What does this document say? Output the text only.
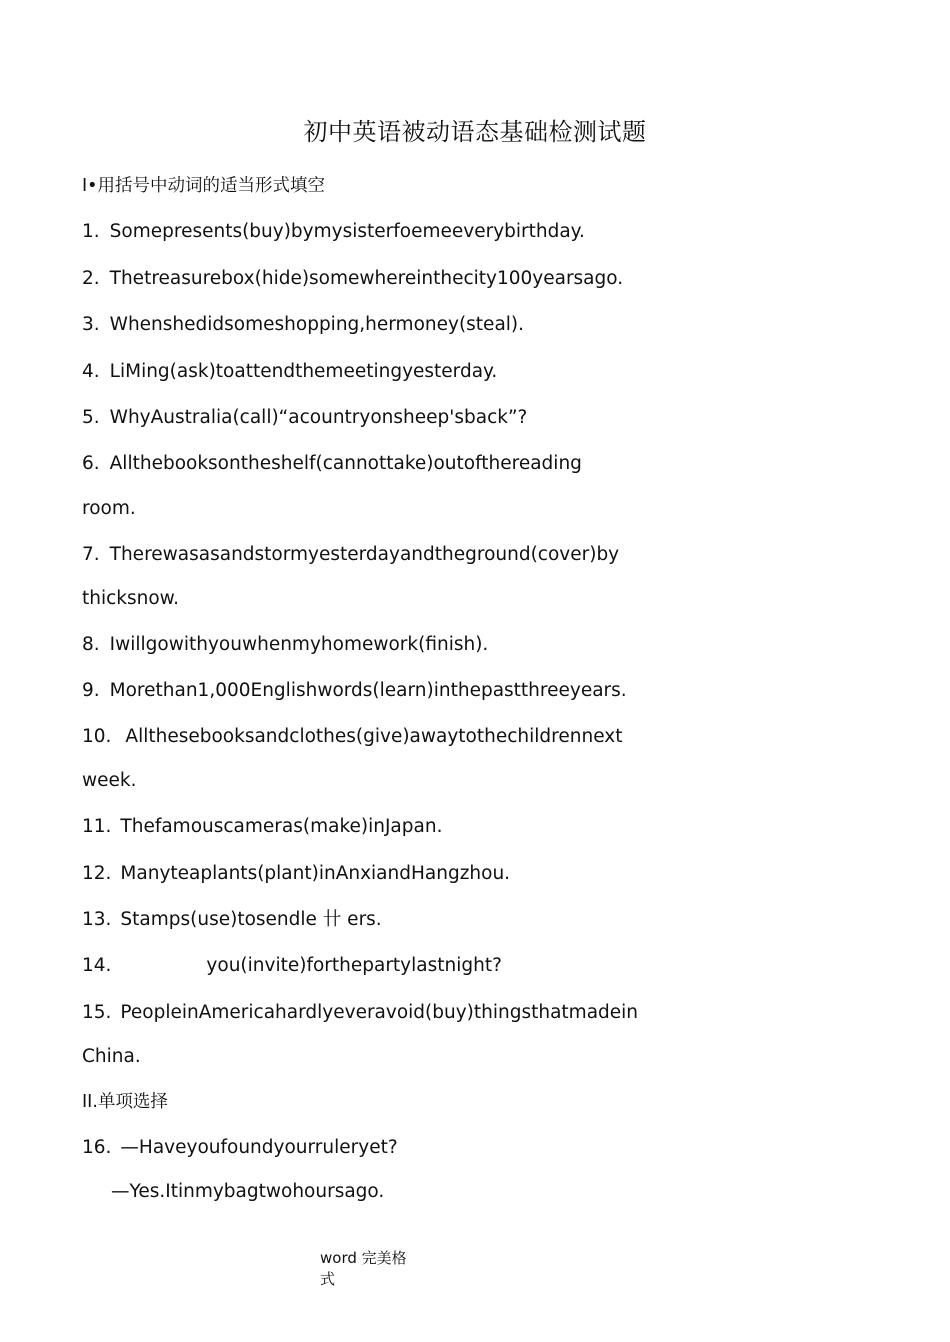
初中英语被动语态基础检测试题
I•用括号中动词的适当形式填空
1. Somepresents(buy)bymysisterfoemeeverybirthday.
2. Thetreasurebox(hide)somewhereinthecity100yearsago.
3. Whenshedidsomeshopping,hermoney(steal).
4. LiMing(ask)toattendthemeetingyesterday.
5. WhyAustralia(call)“acountryonsheep'sback”?
6. Allthebooksontheshelf(cannottake)outofthereading
room.
7. Therewasasandstormyesterdayandtheground(cover)by
thicksnow.
8. Iwillgowithyouwhenmyhomework(finish).
9. Morethan1,000Englishwords(learn)inthepastthreeyears.
10. Allthesebooksandclothes(give)awaytothechildrennext
week.
11. Thefamouscameras(make)inJapan.
12. Manyteaplants(plant)inAnxiandHangzhou.
13. Stamps(use)tosendle 卄 ers.
14.	you(invite)forthepartylastnight?
15. PeopleinAmericahardlyeveravoid(buy)thingsthatmadein
China.
II.单项选择
16. —Haveyoufoundyourruleryet?
—Yes.Itinmybagtwohoursago.
word 完美格式
